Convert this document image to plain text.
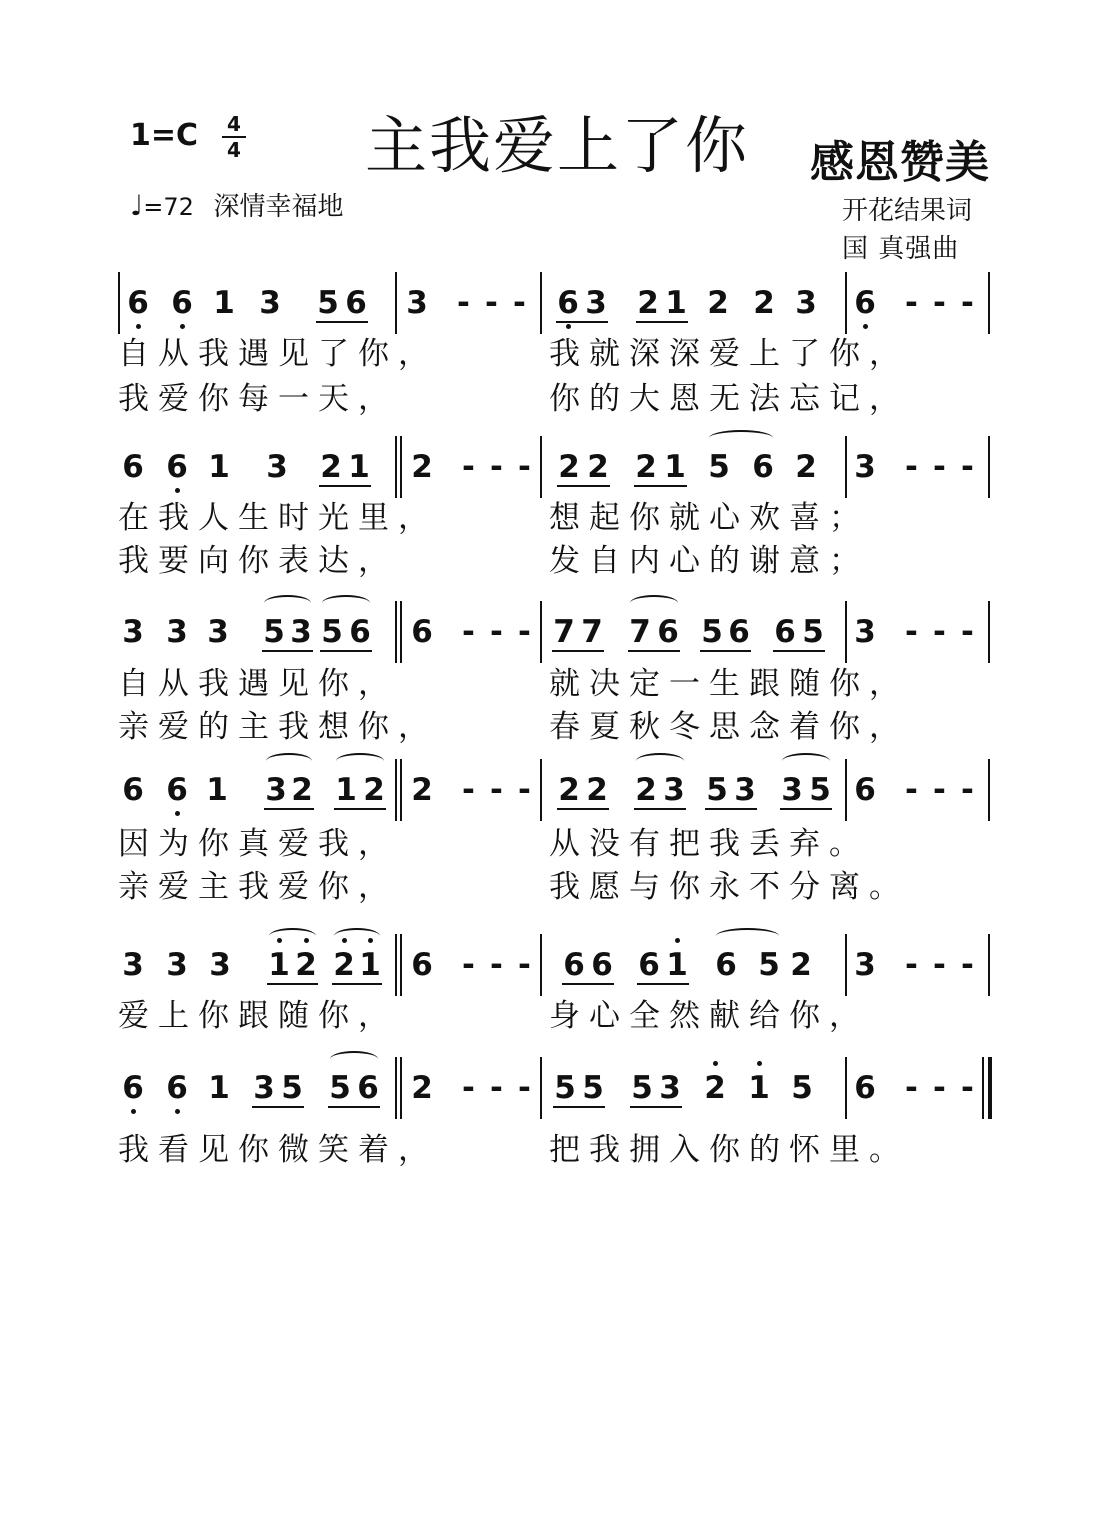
主我爱上了你 感恩赞美
1=C 4
4
♩=72 深情幸福地	开花结果词
国 真强曲
6 6 1 3 5 6	6 3 2 1 2 2 3
3 - - -	6 - - -
自从我遇见了你，	我就深深爱上了你，
我爱你每一天，	你的大恩无法忘记，
6 6 1 3 2 1	2 2 2 1 5 6 2
2 - - -	3 - - -
在我人生时光里，	想起你就心欢喜；
我要向你表达，	发自内心的谢意；
3 3 3 5 3 5 6	7 7 7 6 5 6 6 5
6 - - -	3 - - -
自从我遇见你，	就决定一生跟随你，
亲爱的主我想你，	春夏秋冬思念着你，
6 6 1 3 2 1 2	2 2 2 3 5 3 3 5
2 - - -	6 - - -
因为你真爱我，	从没有把我丢弃。
亲爱主我爱你，	我愿与你永不分离。
3 3 3 1 2 2 1	6 6 6 1 6 5 2
6 - - -	3 - - -
爱上你跟随你，	身心全然献给你，
6 6 1 3 5 5 6	5 5 5 3 2 1 5
2 - - -	6 - - -
我看见你微笑着，	把我拥入你的怀里。
